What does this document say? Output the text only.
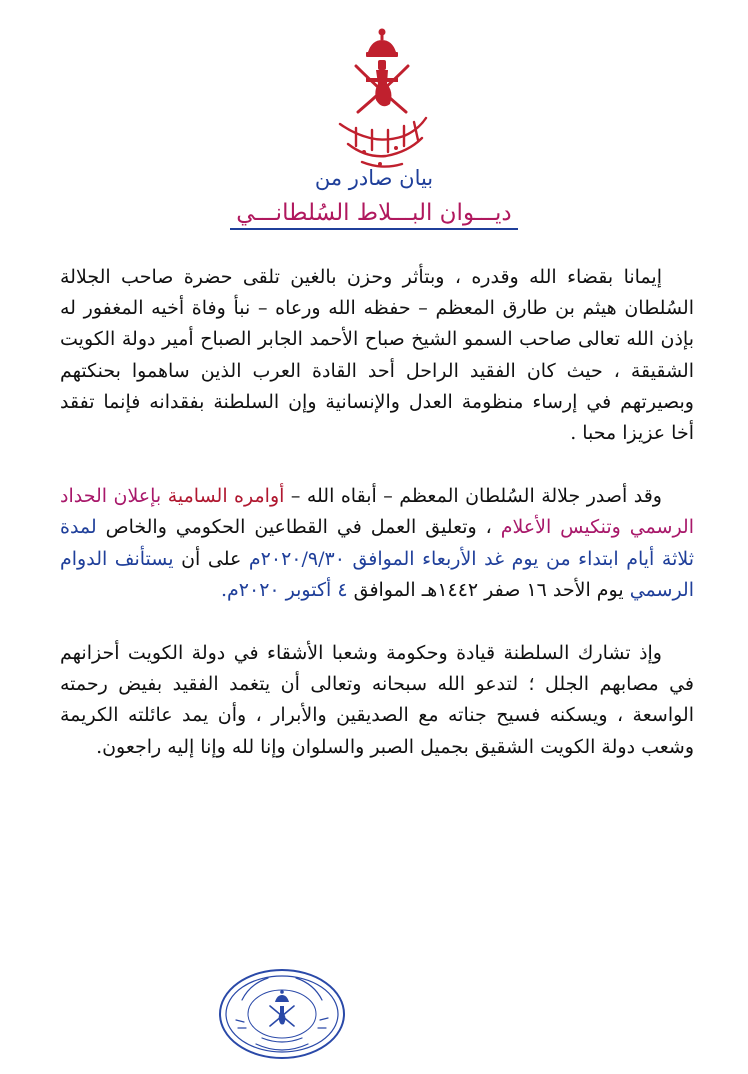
بيان صادر من
ديـــوان البـــلاط السُلطانـــي

إيمانا بقضاء الله وقدره ، وبتأثر وحزن بالغين تلقى حضرة صاحب الجلالة السُلطان هيثم بن طارق المعظم – حفظه الله ورعاه – نبأ وفاة أخيه المغفور له بإذن الله تعالى صاحب السمو الشيخ صباح الأحمد الجابر الصباح أمير دولة الكويت الشقيقة ، حيث كان الفقيد الراحل أحد القادة العرب الذين ساهموا بحنكتهم وبصيرتهم في إرساء منظومة العدل والإنسانية وإن السلطنة بفقدانه فإنما تفقد أخا عزيزا محبا .

وقد أصدر جلالة السُلطان المعظم – أبقاه الله – أوامره السامية بإعلان الحداد الرسمي وتنكيس الأعلام ، وتعليق العمل في القطاعين الحكومي والخاص لمدة ثلاثة أيام ابتداء من يوم غد الأربعاء الموافق ٢٠٢٠/٩/٣٠م على أن يستأنف الدوام الرسمي يوم الأحد ١٦ صفر ١٤٤٢هـ الموافق ٤ أكتوبر ٢٠٢٠م.

وإذ تشارك السلطنة قيادة وحكومة وشعبا الأشقاء في دولة الكويت أحزانهم في مصابهم الجلل ؛ لتدعو الله سبحانه وتعالى أن يتغمد الفقيد بفيض رحمته الواسعة ، ويسكنه فسيح جناته مع الصديقين والأبرار ، وأن يمد عائلته الكريمة وشعب دولة الكويت الشقيق بجميل الصبر والسلوان وإنا لله وإنا إليه راجعون.
